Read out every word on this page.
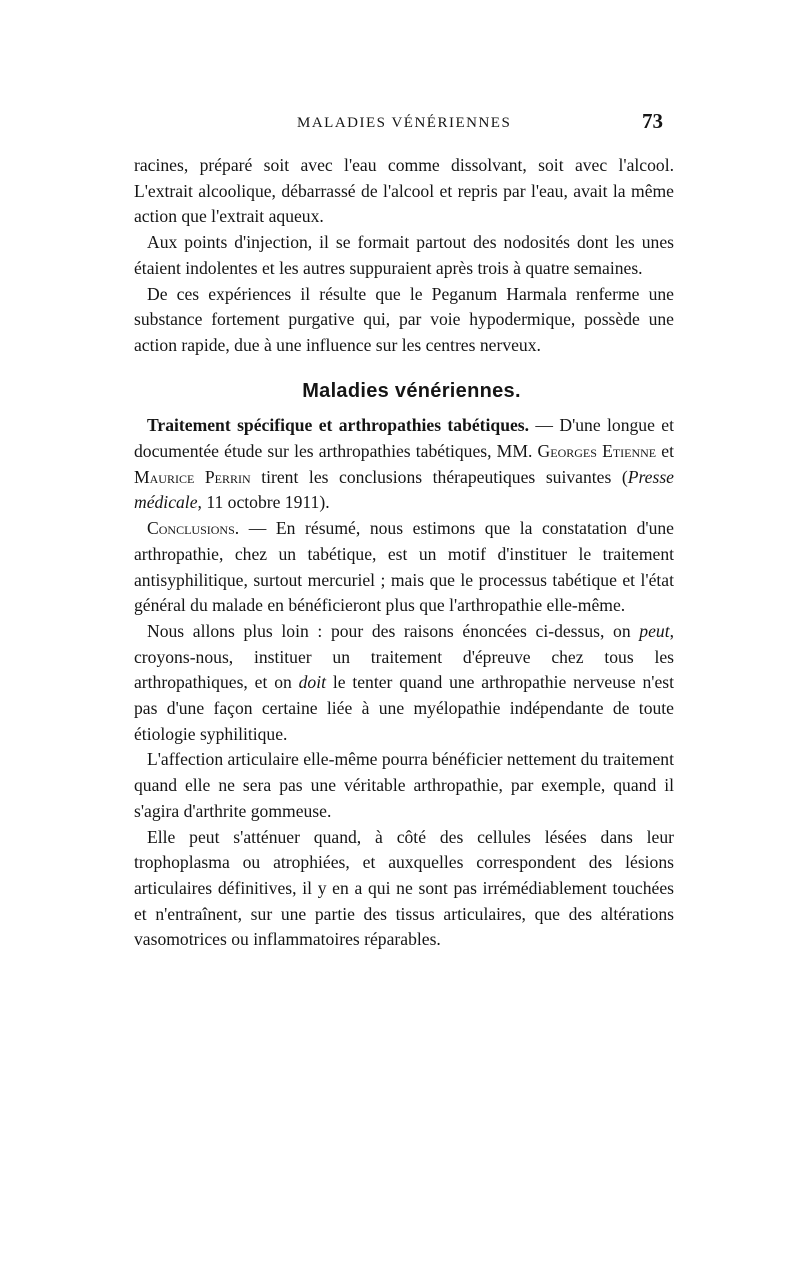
MALADIES VÉNÉRIENNES	73

racines, préparé soit avec l'eau comme dissolvant, soit avec l'alcool. L'extrait alcoolique, débarrassé de l'alcool et repris par l'eau, avait la même action que l'extrait aqueux.

Aux points d'injection, il se formait partout des nodosités dont les unes étaient indolentes et les autres suppuraient après trois à quatre semaines.

De ces expériences il résulte que le Peganum Harmala renferme une substance fortement purgative qui, par voie hypodermique, possède une action rapide, due à une influence sur les centres nerveux.

Maladies vénériennes.

Traitement spécifique et arthropathies tabétiques. — D'une longue et documentée étude sur les arthropathies tabétiques, MM. Georges Etienne et Maurice Perrin tirent les conclusions thérapeutiques suivantes (Presse médicale, 11 octobre 1911).

Conclusions. — En résumé, nous estimons que la constatation d'une arthropathie, chez un tabétique, est un motif d'instituer le traitement antisyphilitique, surtout mercuriel ; mais que le processus tabétique et l'état général du malade en bénéficieront plus que l'arthropathie elle-même.

Nous allons plus loin : pour des raisons énoncées ci-dessus, on peut, croyons-nous, instituer un traitement d'épreuve chez tous les arthropathiques, et on doit le tenter quand une arthropathie nerveuse n'est pas d'une façon certaine liée à une myélopathie indépendante de toute étiologie syphilitique.

L'affection articulaire elle-même pourra bénéficier nettement du traitement quand elle ne sera pas une véritable arthropathie, par exemple, quand il s'agira d'arthrite gommeuse.

Elle peut s'atténuer quand, à côté des cellules lésées dans leur trophoplasma ou atrophiées, et auxquelles correspondent des lésions articulaires définitives, il y en a qui ne sont pas irrémédiablement touchées et n'entraînent, sur une partie des tissus articulaires, que des altérations vasomotrices ou inflammatoires réparables.
